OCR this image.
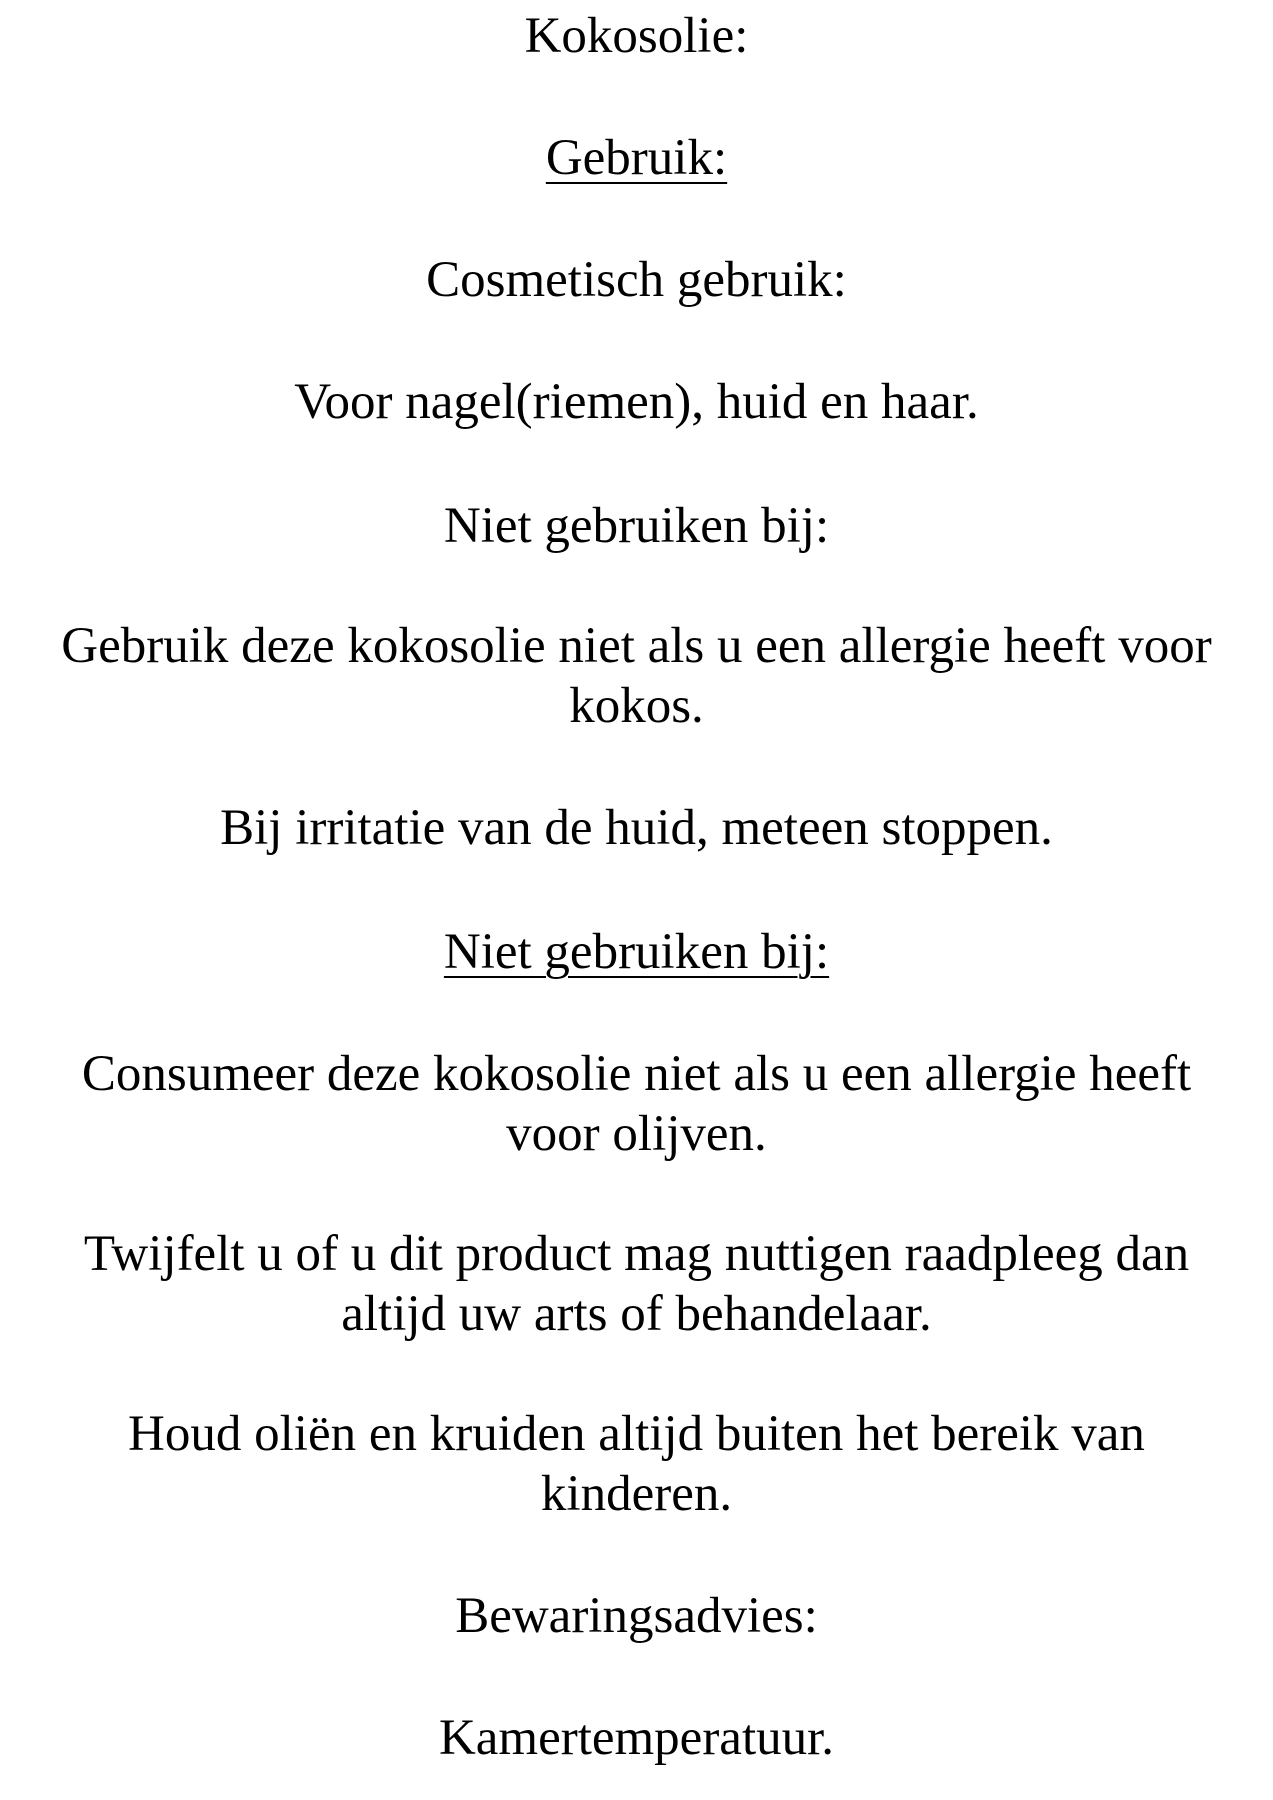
Kokosolie:
Gebruik:
Cosmetisch gebruik:
Voor nagel(riemen), huid en haar.
Niet gebruiken bij:
Gebruik deze kokosolie niet als u een allergie heeft voor
kokos.
Bij irritatie van de huid, meteen stoppen.
Niet gebruiken bij:
Consumeer deze kokosolie niet als u een allergie heeft
voor olijven.
Twijfelt u of u dit product mag nuttigen raadpleeg dan
altijd uw arts of behandelaar.
Houd oliën en kruiden altijd buiten het bereik van
kinderen.
Bewaringsadvies:
Kamertemperatuur.
